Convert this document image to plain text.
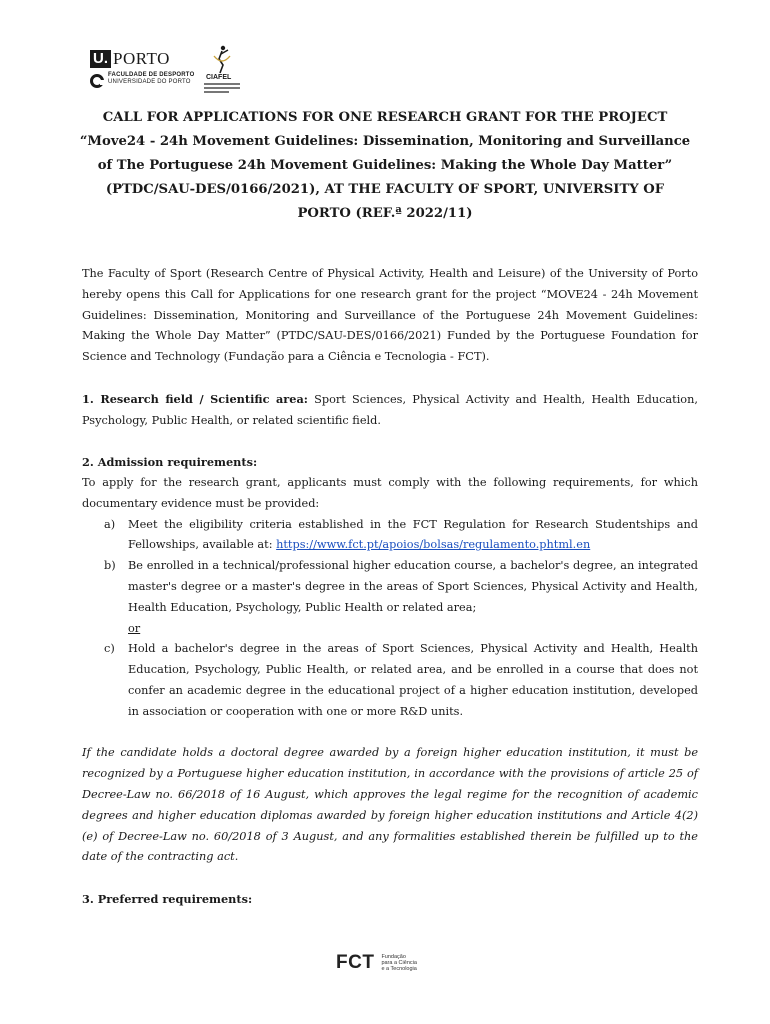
U. PORTO
FACULDADE DE DESPORTO
UNIVERSIDADE DO PORTO
CIAFEL
CALL FOR APPLICATIONS FOR ONE RESEARCH GRANT FOR THE PROJECT
“Move24 - 24h Movement Guidelines: Dissemination, Monitoring and Surveillance
of The Portuguese 24h Movement Guidelines: Making the Whole Day Matter”
(PTDC/SAU-DES/0166/2021), AT THE FACULTY OF SPORT, UNIVERSITY OF
PORTO (REF.ª 2022/11)

The Faculty of Sport (Research Centre of Physical Activity, Health and Leisure) of the University of Porto hereby opens this Call for Applications for one research grant for the project “MOVE24 - 24h Movement Guidelines: Dissemination, Monitoring and Surveillance of the Portuguese 24h Movement Guidelines: Making the Whole Day Matter” (PTDC/SAU-DES/0166/2021) Funded by the Portuguese Foundation for Science and Technology (Fundação para a Ciência e Tecnologia - FCT).

1. Research field / Scientific area: Sport Sciences, Physical Activity and Health, Health Education, Psychology, Public Health, or related scientific field.

2. Admission requirements:

To apply for the research grant, applicants must comply with the following requirements, for which documentary evidence must be provided:

a)	Meet the eligibility criteria established in the FCT Regulation for Research Studentships and Fellowships, available at: https://www.fct.pt/apoios/bolsas/regulamento.phtml.en
b)	Be enrolled in a technical/professional higher education course, a bachelor's degree, an integrated master's degree or a master's degree in the areas of Sport Sciences, Physical Activity and Health, Health Education, Psychology, Public Health or related area;

or

c)	Hold a bachelor's degree in the areas of Sport Sciences, Physical Activity and Health, Health Education, Psychology, Public Health, or related area, and be enrolled in a course that does not confer an academic degree in the educational project of a higher education institution, developed in association or cooperation with one or more R&D units.

If the candidate holds a doctoral degree awarded by a foreign higher education institution, it must be recognized by a Portuguese higher education institution, in accordance with the provisions of article 25 of Decree-Law no. 66/2018 of 16 August, which approves the legal regime for the recognition of academic degrees and higher education diplomas awarded by foreign higher education institutions and Article 4(2) (e) of Decree-Law no. 60/2018 of 3 August, and any formalities established therein be fulfilled up to the date of the contracting act.

3. Preferred requirements:

FCT Fundação
para a Ciência
e a Tecnologia
